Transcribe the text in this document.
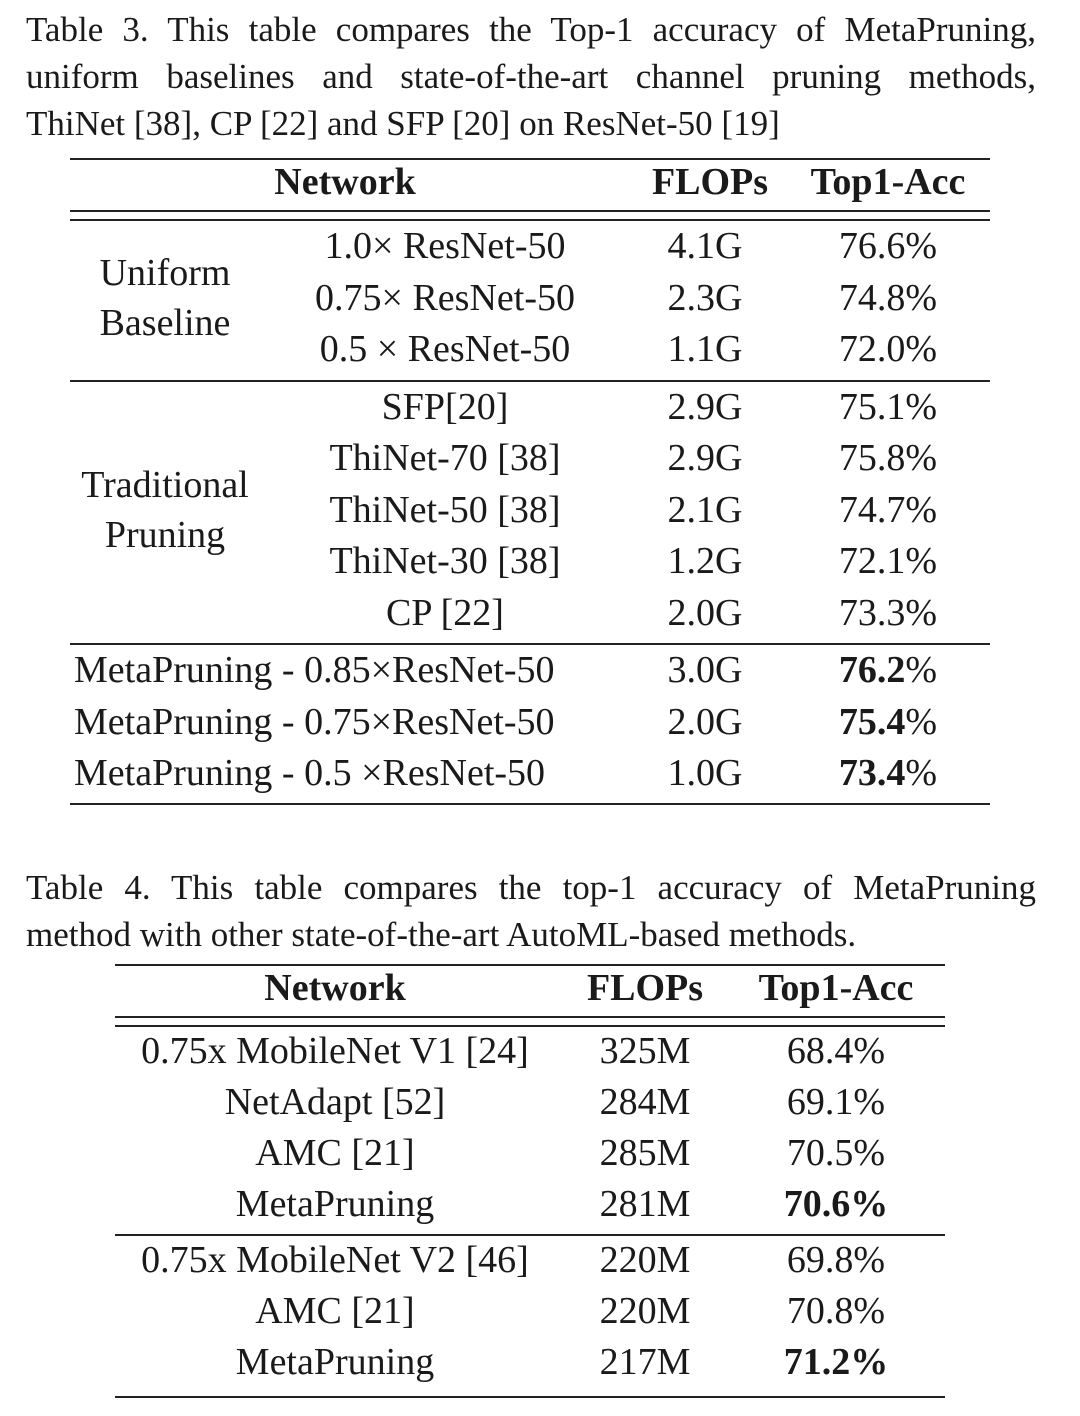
Table 3. This table compares the Top-1 accuracy of MetaPruning,
uniform baselines and state-of-the-art channel pruning methods,
ThiNet [38], CP [22] and SFP [20] on ResNet-50 [19]
Network	FLOPs	Top1-Acc
1.0× ResNet-50	4.1G	76.6%
0.75× ResNet-50	2.3G	74.8%
0.5 × ResNet-50	1.1G	72.0%
Uniform
Baseline
SFP[20]	2.9G	75.1%
ThiNet-70 [38]	2.9G	75.8%
ThiNet-50 [38]	2.1G	74.7%
ThiNet-30 [38]	1.2G	72.1%
CP [22]	2.0G	73.3%
Traditional
Pruning
MetaPruning - 0.85×ResNet-50	3.0G	76.2%
MetaPruning - 0.75×ResNet-50	2.0G	75.4%
MetaPruning - 0.5 ×ResNet-50	1.0G	73.4%
Table 4. This table compares the top-1 accuracy of MetaPruning
method with other state-of-the-art AutoML-based methods.
Network	FLOPs	Top1-Acc
0.75x MobileNet V1 [24]	325M	68.4%
NetAdapt [52]	284M	69.1%
AMC [21]	285M	70.5%
MetaPruning	281M	70.6%
0.75x MobileNet V2 [46]	220M	69.8%
AMC [21]	220M	70.8%
MetaPruning	217M	71.2%
